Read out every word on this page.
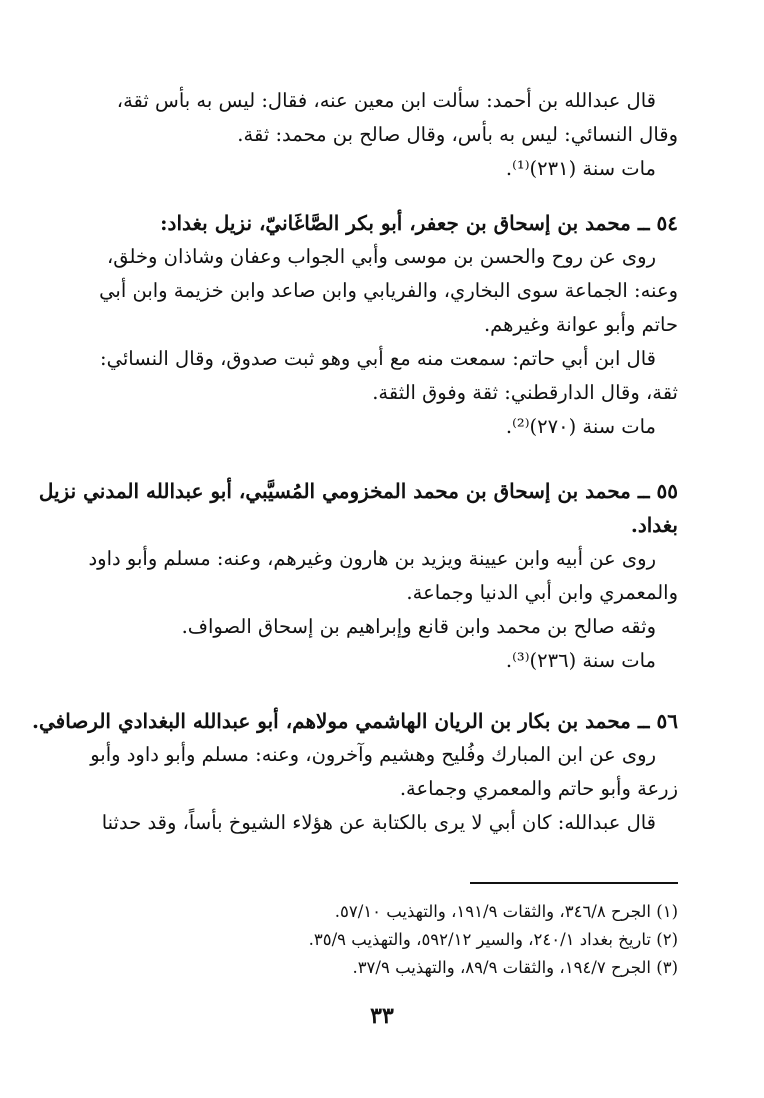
قال عبدالله بن أحمد: سألت ابن معين عنه، فقال: ليس به بأس ثقة،
وقال النسائي: ليس به بأس، وقال صالح بن محمد: ثقة.
مات سنة (٢٣١)⁽¹⁾.
٥٤ ــ محمد بن إسحاق بن جعفر، أبو بكر الصَّاغَانيّ، نزيل بغداد:
روى عن روح والحسن بن موسى وأبي الجواب وعفان وشاذان وخلق،
وعنه: الجماعة سوى البخاري، والفريابي وابن صاعد وابن خزيمة وابن أبي
حاتم وأبو عوانة وغيرهم.
قال ابن أبي حاتم: سمعت منه مع أبي وهو ثبت صدوق، وقال النسائي:
ثقة، وقال الدارقطني: ثقة وفوق الثقة.
مات سنة (٢٧٠)⁽²⁾.
٥٥ ــ محمد بن إسحاق بن محمد المخزومي المُسيَّبي، أبو عبدالله المدني نزيل
بغداد.
روى عن أبيه وابن عيينة ويزيد بن هارون وغيرهم، وعنه: مسلم وأبو داود
والمعمري وابن أبي الدنيا وجماعة.
وثقه صالح بن محمد وابن قانع وإبراهيم بن إسحاق الصواف.
مات سنة (٢٣٦)⁽³⁾.
٥٦ ــ محمد بن بكار بن الريان الهاشمي مولاهم، أبو عبدالله البغدادي الرصافي.
روى عن ابن المبارك وفُليح وهشيم وآخرون، وعنه: مسلم وأبو داود وأبو
زرعة وأبو حاتم والمعمري وجماعة.
قال عبدالله: كان أبي لا يرى بالكتابة عن هؤلاء الشيوخ بأساً، وقد حدثنا
(١) الجرح ٣٤٦/٨، والثقات ١٩١/٩، والتهذيب ٥٧/١٠.
(٢) تاريخ بغداد ٢٤٠/١، والسير ٥٩٢/١٢، والتهذيب ٣٥/٩.
(٣) الجرح ١٩٤/٧، والثقات ٨٩/٩، والتهذيب ٣٧/٩.
٣٣
